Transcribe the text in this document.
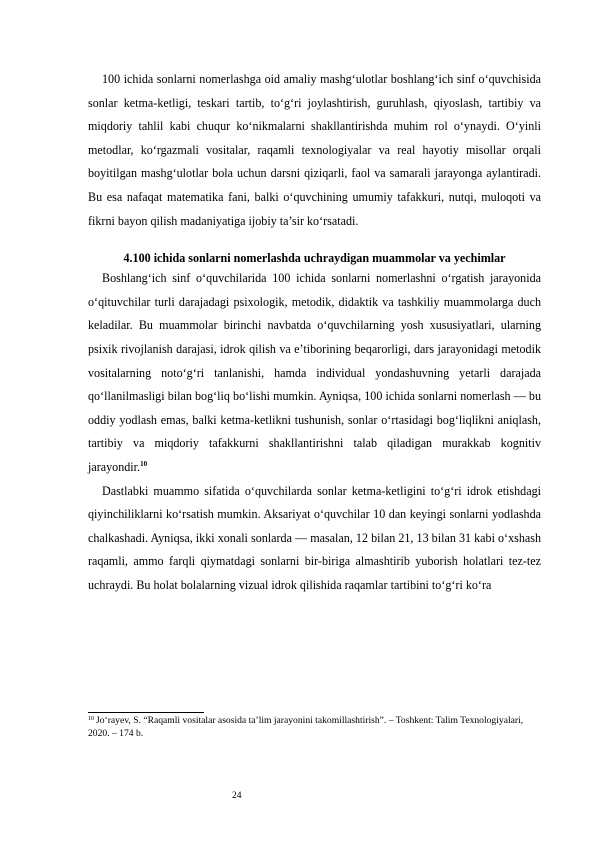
100 ichida sonlarni nomerlashga oid amaliy mashg‘ulotlar boshlang‘ich sinf o‘quvchisida sonlar ketma-ketligi, teskari tartib, to‘g‘ri joylashtirish, guruhlash, qiyoslash, tartibiy va miqdoriy tahlil kabi chuqur ko‘nikmalarni shakllantirishda muhim rol o‘ynaydi. O‘yinli metodlar, ko‘rgazmali vositalar, raqamli texnologiyalar va real hayotiy misollar orqali boyitilgan mashg‘ulotlar bola uchun darsni qiziqarli, faol va samarali jarayonga aylantiradi. Bu esa nafaqat matematika fani, balki o‘quvchining umumiy tafakkuri, nutqi, muloqoti va fikrni bayon qilish madaniyatiga ijobiy ta’sir ko‘rsatadi.

4.100 ichida sonlarni nomerlashda uchraydigan muammolar va yechimlar

Boshlang‘ich sinf o‘quvchilarida 100 ichida sonlarni nomerlashni o‘rgatish jarayonida o‘qituvchilar turli darajadagi psixologik, metodik, didaktik va tashkiliy muammolarga duch keladilar. Bu muammolar birinchi navbatda o‘quvchilarning yosh xususiyatlari, ularning psixik rivojlanish darajasi, idrok qilish va e’tiborining beqarorligi, dars jarayonidagi metodik vositalarning noto‘g‘ri tanlanishi, hamda individual yondashuvning yetarli darajada qo‘llanilmasligi bilan bog‘liq bo‘lishi mumkin. Ayniqsa, 100 ichida sonlarni nomerlash — bu oddiy yodlash emas, balki ketma-ketlikni tushunish, sonlar o‘rtasidagi bog‘liqlikni aniqlash, tartibiy va miqdoriy tafakkurni shakllantirishni talab qiladigan murakkab kognitiv jarayondir.$^{10}$

Dastlabki muammo sifatida o‘quvchilarda sonlar ketma-ketligini to‘g‘ri idrok etishdagi qiyinchiliklarni ko‘rsatish mumkin. Aksariyat o‘quvchilar 10 dan keyingi sonlarni yodlashda chalkashadi. Ayniqsa, ikki xonali sonlarda — masalan, 12 bilan 21, 13 bilan 31 kabi o‘xshash raqamli, ammo farqli qiymatdagi sonlarni bir-biriga almashtirib yuborish holatlari tez-tez uchraydi. Bu holat bolalarning vizual idrok qilishida raqamlar tartibini to‘g‘ri ko‘ra

$^{10}$ Jo‘rayev, S. “Raqamli vositalar asosida ta’lim jarayonini takomillashtirish”. – Toshkent: Talim Texnologiyalari, 2020. – 174 b.
24
